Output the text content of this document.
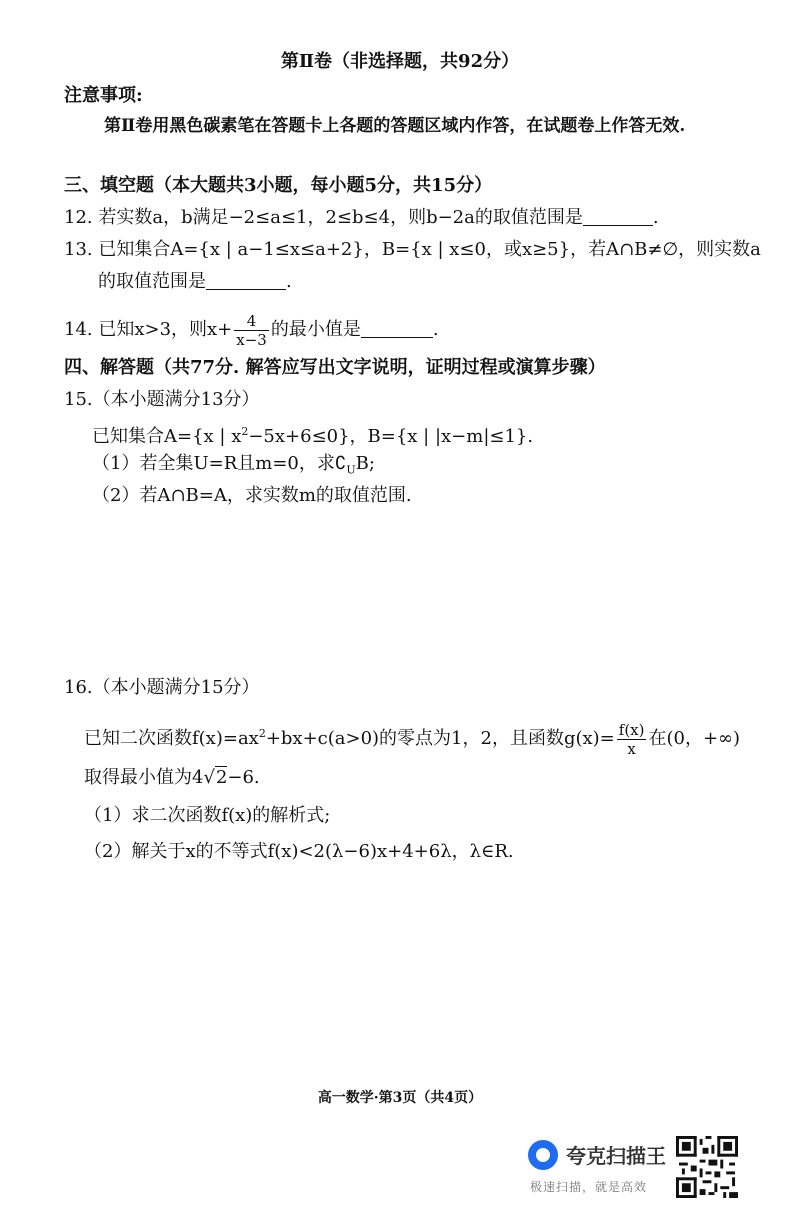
第Ⅱ卷（非选择题，共92分）
注意事项:
第Ⅱ卷用黑色碳素笔在答题卡上各题的答题区域内作答，在试题卷上作答无效.
三、填空题（本大题共3小题，每小题5分，共15分）
12. 若实数a，b满足−2≤a≤1，2≤b≤4，则b−2a的取值范围是	.
13. 已知集合A={x | a−1≤x≤a+2}，B={x | x≤0，或x≥5}，若A∩B≠∅，则实数a
的取值范围是	.
14. 已知x>3，则$x+ \frac{4}{x-3}$ 的最小值是	.
四、解答题（共77分. 解答应写出文字说明，证明过程或演算步骤）
15.（本小题满分13分）
已知集合A={x | $x^2-5x+6\le 0$}，B={x | |x−m|≤1}.
（1）若全集U=R且m=0，求$∁_UB$;
（2）若A∩B=A，求实数m的取值范围.
16.（本小题满分15分）
已知二次函数$f(x)=ax^2+bx+c(a>0)$的零点为1，2，且函数$g(x)= \frac{f(x)}{x}$ 在(0，+∞)
取得最小值为4√2−6.
（1）求二次函数f(x)的解析式;
（2）解关于x的不等式f(x)<2(λ−6)x+4+6λ，λ∈R.
高一数学·第3页（共4页）
夸克扫描王
极速扫描，就是高效
